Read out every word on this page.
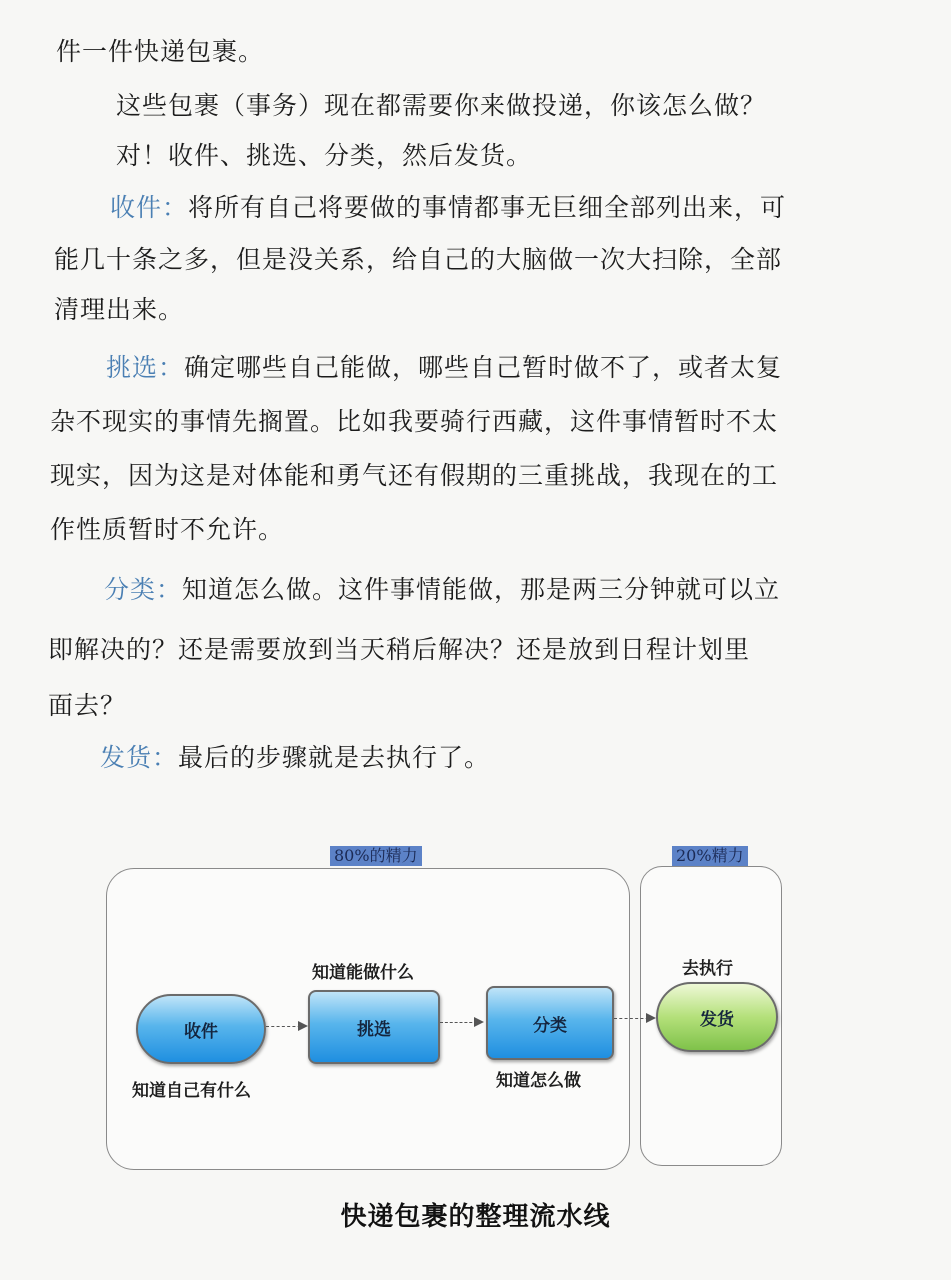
件一件快递包裹。
这些包裹（事务）现在都需要你来做投递，你该怎么做？
对！收件、挑选、分类，然后发货。
收件：将所有自己将要做的事情都事无巨细全部列出来，可
能几十条之多，但是没关系，给自己的大脑做一次大扫除，全部
清理出来。
挑选：确定哪些自己能做，哪些自己暂时做不了，或者太复
杂不现实的事情先搁置。比如我要骑行西藏，这件事情暂时不太
现实，因为这是对体能和勇气还有假期的三重挑战，我现在的工
作性质暂时不允许。
分类：知道怎么做。这件事情能做，那是两三分钟就可以立
即解决的？还是需要放到当天稍后解决？还是放到日程计划里
面去？
发货：最后的步骤就是去执行了。
80%的精力	20%精力
知道能做什么	去执行
收件	挑选	分类	发货
知道自己有什么	知道怎么做
快递包裹的整理流水线
